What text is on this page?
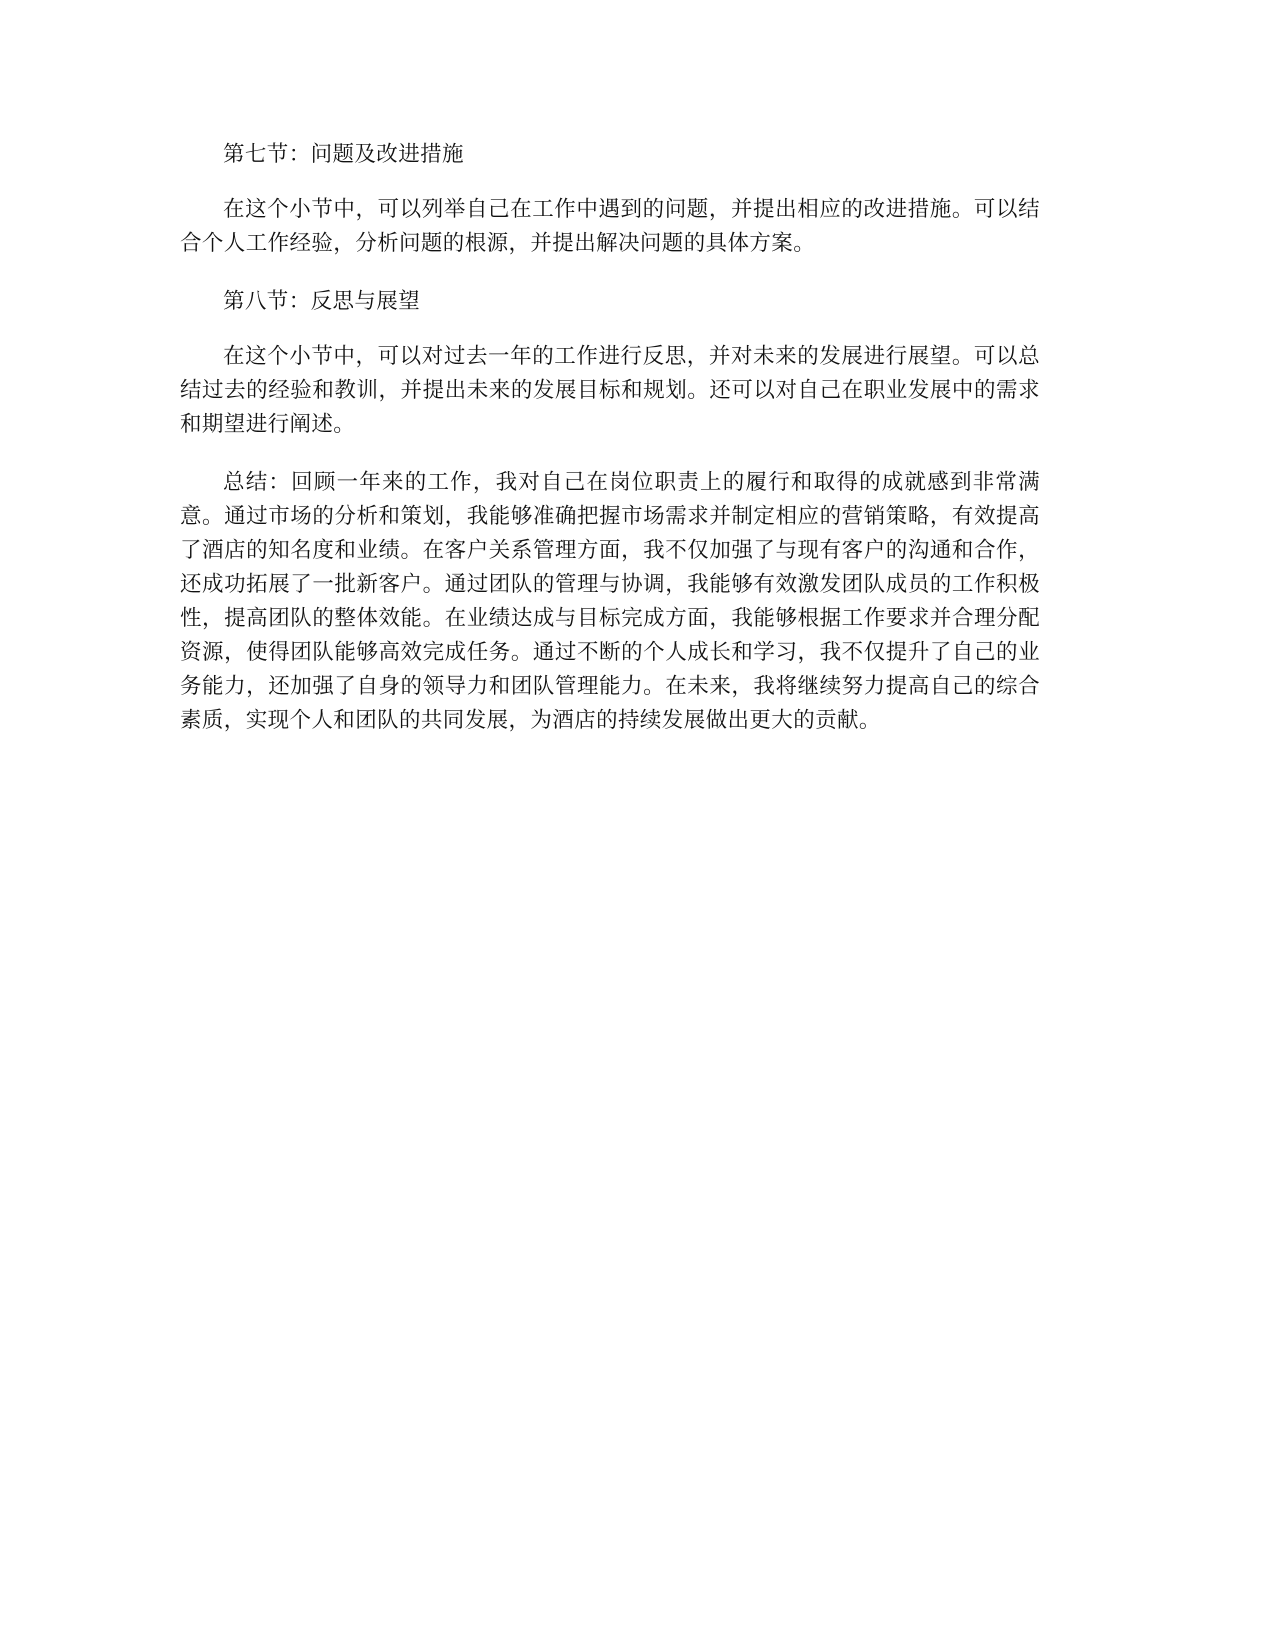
第七节：问题及改进措施

在这个小节中，可以列举自己在工作中遇到的问题，并提出相应的改进措施。可以结合个人工作经验，分析问题的根源，并提出解决问题的具体方案。

第八节：反思与展望

在这个小节中，可以对过去一年的工作进行反思，并对未来的发展进行展望。可以总结过去的经验和教训，并提出未来的发展目标和规划。还可以对自己在职业发展中的需求和期望进行阐述。

总结：回顾一年来的工作，我对自己在岗位职责上的履行和取得的成就感到非常满意。通过市场的分析和策划，我能够准确把握市场需求并制定相应的营销策略，有效提高了酒店的知名度和业绩。在客户关系管理方面，我不仅加强了与现有客户的沟通和合作，还成功拓展了一批新客户。通过团队的管理与协调，我能够有效激发团队成员的工作积极性，提高团队的整体效能。在业绩达成与目标完成方面，我能够根据工作要求并合理分配资源，使得团队能够高效完成任务。通过不断的个人成长和学习，我不仅提升了自己的业务能力，还加强了自身的领导力和团队管理能力。在未来，我将继续努力提高自己的综合素质，实现个人和团队的共同发展，为酒店的持续发展做出更大的贡献。
